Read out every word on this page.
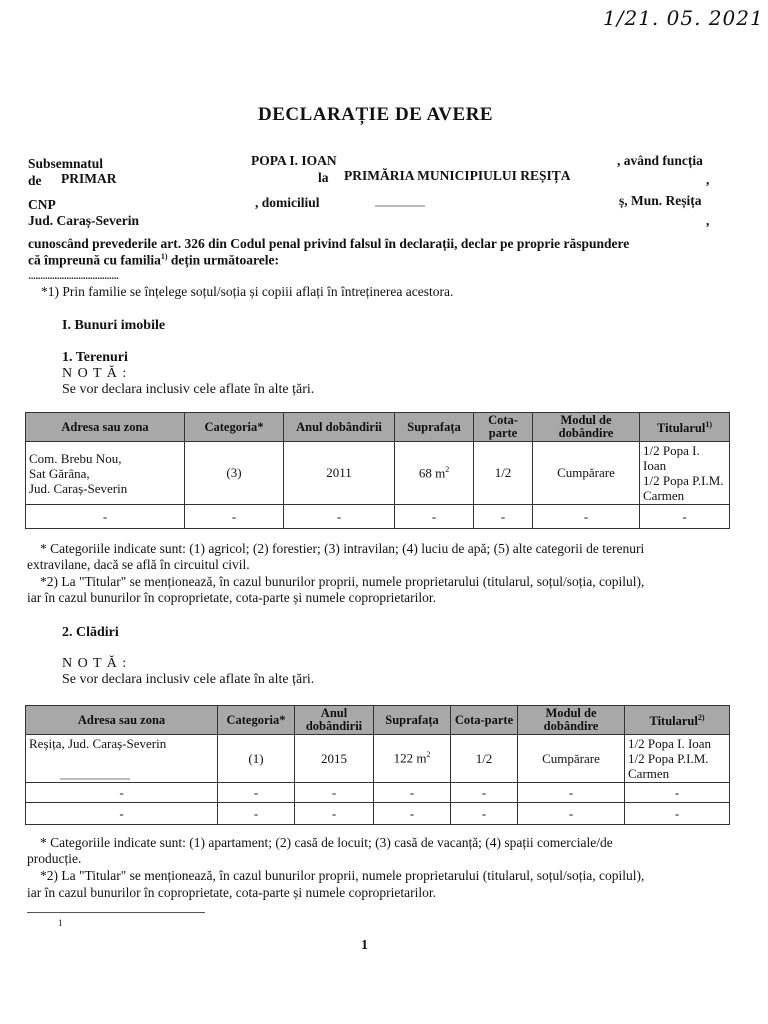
1/21. 05. 2021
DECLARAȚIE DE AVERE
Subsemnatul	POPA I. IOAN	, având funcția
de PRIMAR	la PRIMĂRIA MUNICIPIULUI REȘIȚA	,
CNP	, domiciliul	ș, Mun. Reșița
Jud. Caraș-Severin	,
cunoscând prevederile art. 326 din Codul penal privind falsul în declarații, declar pe proprie răspundere
că împreună cu familia$^{1)}$ dețin următoarele:
......................................
*1) Prin familie se înțelege soțul/soția și copiii aflați în întreținerea acestora.
I. Bunuri imobile
1. Terenuri
N O T Ă :
Se vor declara inclusiv cele aflate în alte țări.
Adresa sau zona	Categoria*	Anul dobândirii	Suprafața	Cota-parte	Modul de dobândire	Titularul$^{1)}$
Com. Brebu Nou,
Sat Gărâna,
Jud. Caraș-Severin	(3)	2011	68 $m^2$	1/2	Cumpărare	1/2 Popa I. Ioan
1/2 Popa P.I.M.
Carmen
-	-	-	-	-	-	-
* Categoriile indicate sunt: (1) agricol; (2) forestier; (3) intravilan; (4) luciu de apă; (5) alte categorii de terenuri
extravilane, dacă se află în circuitul civil.
*2) La "Titular" se menționează, în cazul bunurilor proprii, numele proprietarului (titularul, soțul/soția, copilul),
iar în cazul bunurilor în coproprietate, cota-parte și numele coproprietarilor.
2. Clădiri
N O T Ă :
Se vor declara inclusiv cele aflate în alte țări.
Adresa sau zona	Categoria*	Anul dobândirii	Suprafața	Cota-parte	Modul de dobândire	Titularul$^{2)}$
Reșița, Jud. Caraș-Severin	(1)	2015	122 $m^2$	1/2	Cumpărare	1/2 Popa I. Ioan
1/2 Popa P.I.M.
Carmen
-	-	-	-	-	-	-
-	-	-	-	-	-	-
* Categoriile indicate sunt: (1) apartament; (2) casă de locuit; (3) casă de vacanță; (4) spații comerciale/de
producție.
*2) La "Titular" se menționează, în cazul bunurilor proprii, numele proprietarului (titularul, soțul/soția, copilul),
iar în cazul bunurilor în coproprietate, cota-parte și numele coproprietarilor.
1
1
